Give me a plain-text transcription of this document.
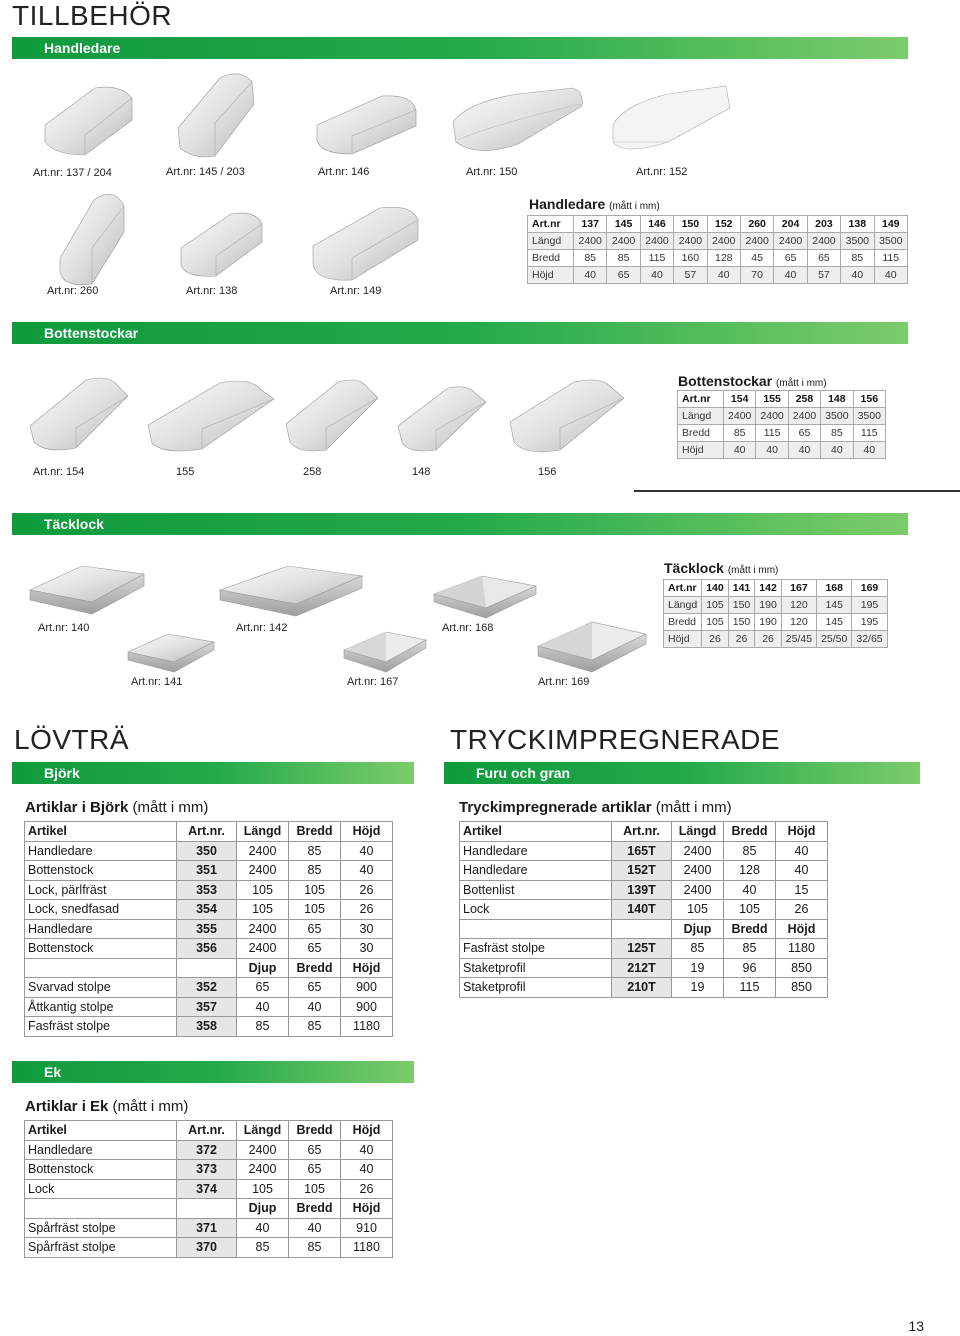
TILLBEHÖR
Handledare
Art.nr: 137 / 204	Art.nr: 145 / 203	Art.nr: 146	Art.nr: 150	Art.nr: 152
Art.nr: 260	Art.nr: 138	Art.nr: 149
Handledare (mått i mm)
Art.nr	137	145	146	150	152	260	204	203	138	149
Längd	2400	2400	2400	2400	2400	2400	2400	2400	3500	3500
Bredd	85	85	115	160	128	45	65	65	85	115
Höjd	40	65	40	57	40	70	40	57	40	40
Bottenstockar
Art.nr: 154	155	258	148	156
Bottenstockar (mått i mm)
Art.nr	154	155	258	148	156
Längd	2400	2400	2400	3500	3500
Bredd	85	115	65	85	115
Höjd	40	40	40	40	40
Täcklock
Art.nr: 140	Art.nr: 142	Art.nr: 168
Art.nr: 141	Art.nr: 167	Art.nr: 169
Täcklock (mått i mm)
Art.nr	140	141	142	167	168	169
Längd	105	150	190	120	145	195
Bredd	105	150	190	120	145	195
Höjd	26	26	26	25/45	25/50	32/65
LÖVTRÄ
Björk
Artiklar i Björk (mått i mm)
Artikel	Art.nr.	Längd	Bredd	Höjd
Handledare	350	2400	85	40
Bottenstock	351	2400	85	40
Lock, pärlfräst	353	105	105	26
Lock, snedfasad	354	105	105	26
Handledare	355	2400	65	30
Bottenstock	356	2400	65	30
		Djup	Bredd	Höjd
Svarvad stolpe	352	65	65	900
Åttkantig stolpe	357	40	40	900
Fasfräst stolpe	358	85	85	1180
TRYCKIMPREGNERADE
Furu och gran
Tryckimpregnerade artiklar (mått i mm)
Artikel	Art.nr.	Längd	Bredd	Höjd
Handledare	165T	2400	85	40
Handledare	152T	2400	128	40
Bottenlist	139T	2400	40	15
Lock	140T	105	105	26
		Djup	Bredd	Höjd
Fasfräst stolpe	125T	85	85	1180
Staketprofil	212T	19	96	850
Staketprofil	210T	19	115	850
Ek
Artiklar i Ek (mått i mm)
Artikel	Art.nr.	Längd	Bredd	Höjd
Handledare	372	2400	65	40
Bottenstock	373	2400	65	40
Lock	374	105	105	26
		Djup	Bredd	Höjd
Spårfräst stolpe	371	40	40	910
Spårfräst stolpe	370	85	85	1180
13
